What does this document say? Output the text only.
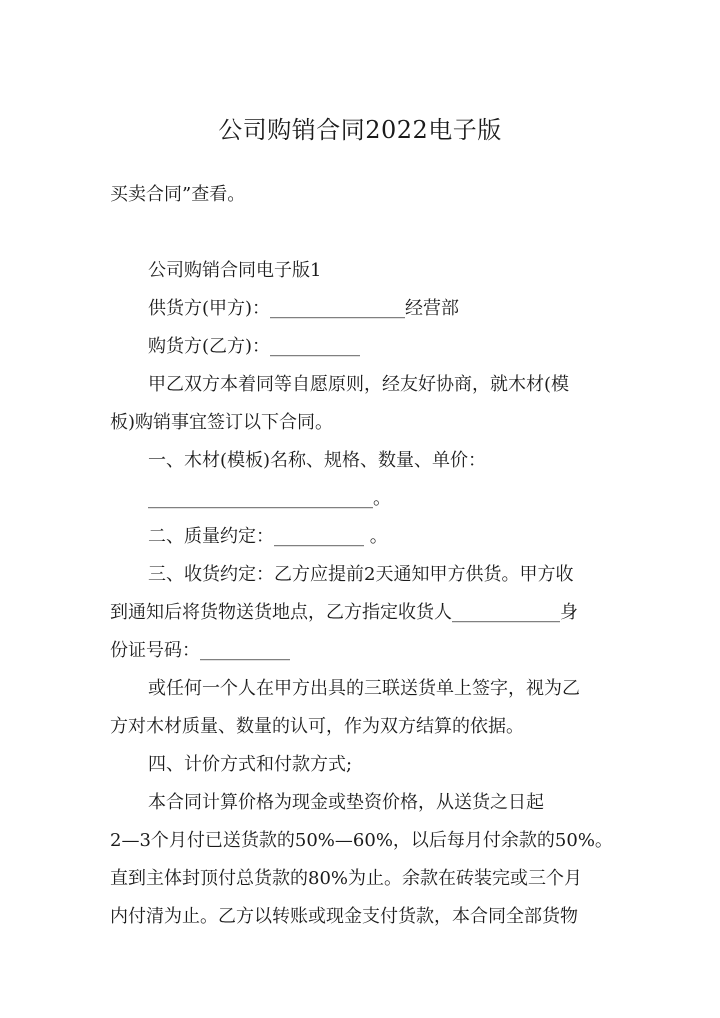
公司购销合同2022电子版
买卖合同”查看。
公司购销合同电子版1
供货方(甲方)：_______________经营部
购货方(乙方)：__________
甲乙双方本着同等自愿原则，经友好协商，就木材(模
板)购销事宜签订以下合同。
一、木材(模板)名称、规格、数量、单价：
_________________________。
二、质量约定：__________ 。
三、收货约定：乙方应提前2天通知甲方供货。甲方收
到通知后将货物送货地点，乙方指定收货人____________身
份证号码：__________
或任何一个人在甲方出具的三联送货单上签字，视为乙
方对木材质量、数量的认可，作为双方结算的依据。
四、计价方式和付款方式;
本合同计算价格为现金或垫资价格，从送货之日起
2—3个月付已送货款的50%—60%，以后每月付余款的50%。
直到主体封顶付总货款的80%为止。余款在砖装完或三个月
内付清为止。乙方以转账或现金支付货款，本合同全部货物
